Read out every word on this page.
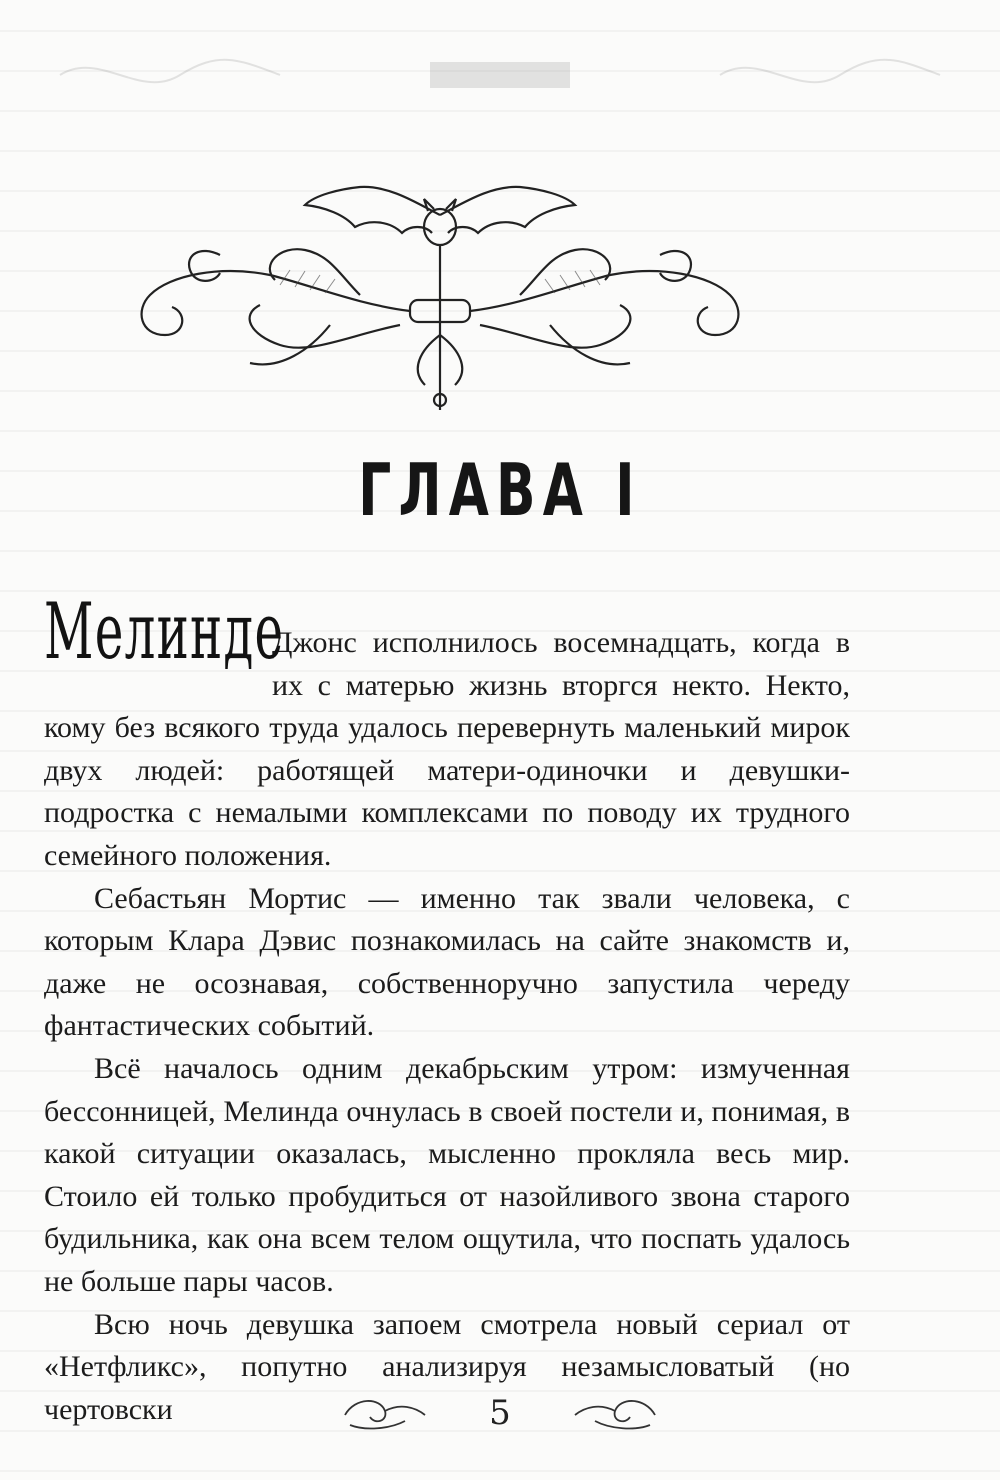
ГЛАВА I

Мелинде
Джонс исполнилось восемнадцать, когда в их с матерью жизнь вторгся некто. Некто, кому без всякого труда удалось перевернуть маленький мирок двух людей: работящей матери-одиночки и девушки-подростка с немалыми комплексами по поводу их трудного семейного положения.

Себастьян Мортис — именно так звали человека, с которым Клара Дэвис познакомилась на сайте знакомств и, даже не осознавая, собственноручно запустила череду фантастических событий.

Всё началось одним декабрьским утром: измученная бессонницей, Мелинда очнулась в своей постели и, понимая, в какой ситуации оказалась, мысленно прокляла весь мир. Стоило ей только пробудиться от назойливого звона старого будильника, как она всем телом ощутила, что поспать удалось не больше пары часов.

Всю ночь девушка запоем смотрела новый сериал от «Нетфликс», попутно анализируя незамысловатый (но чертовски	5
